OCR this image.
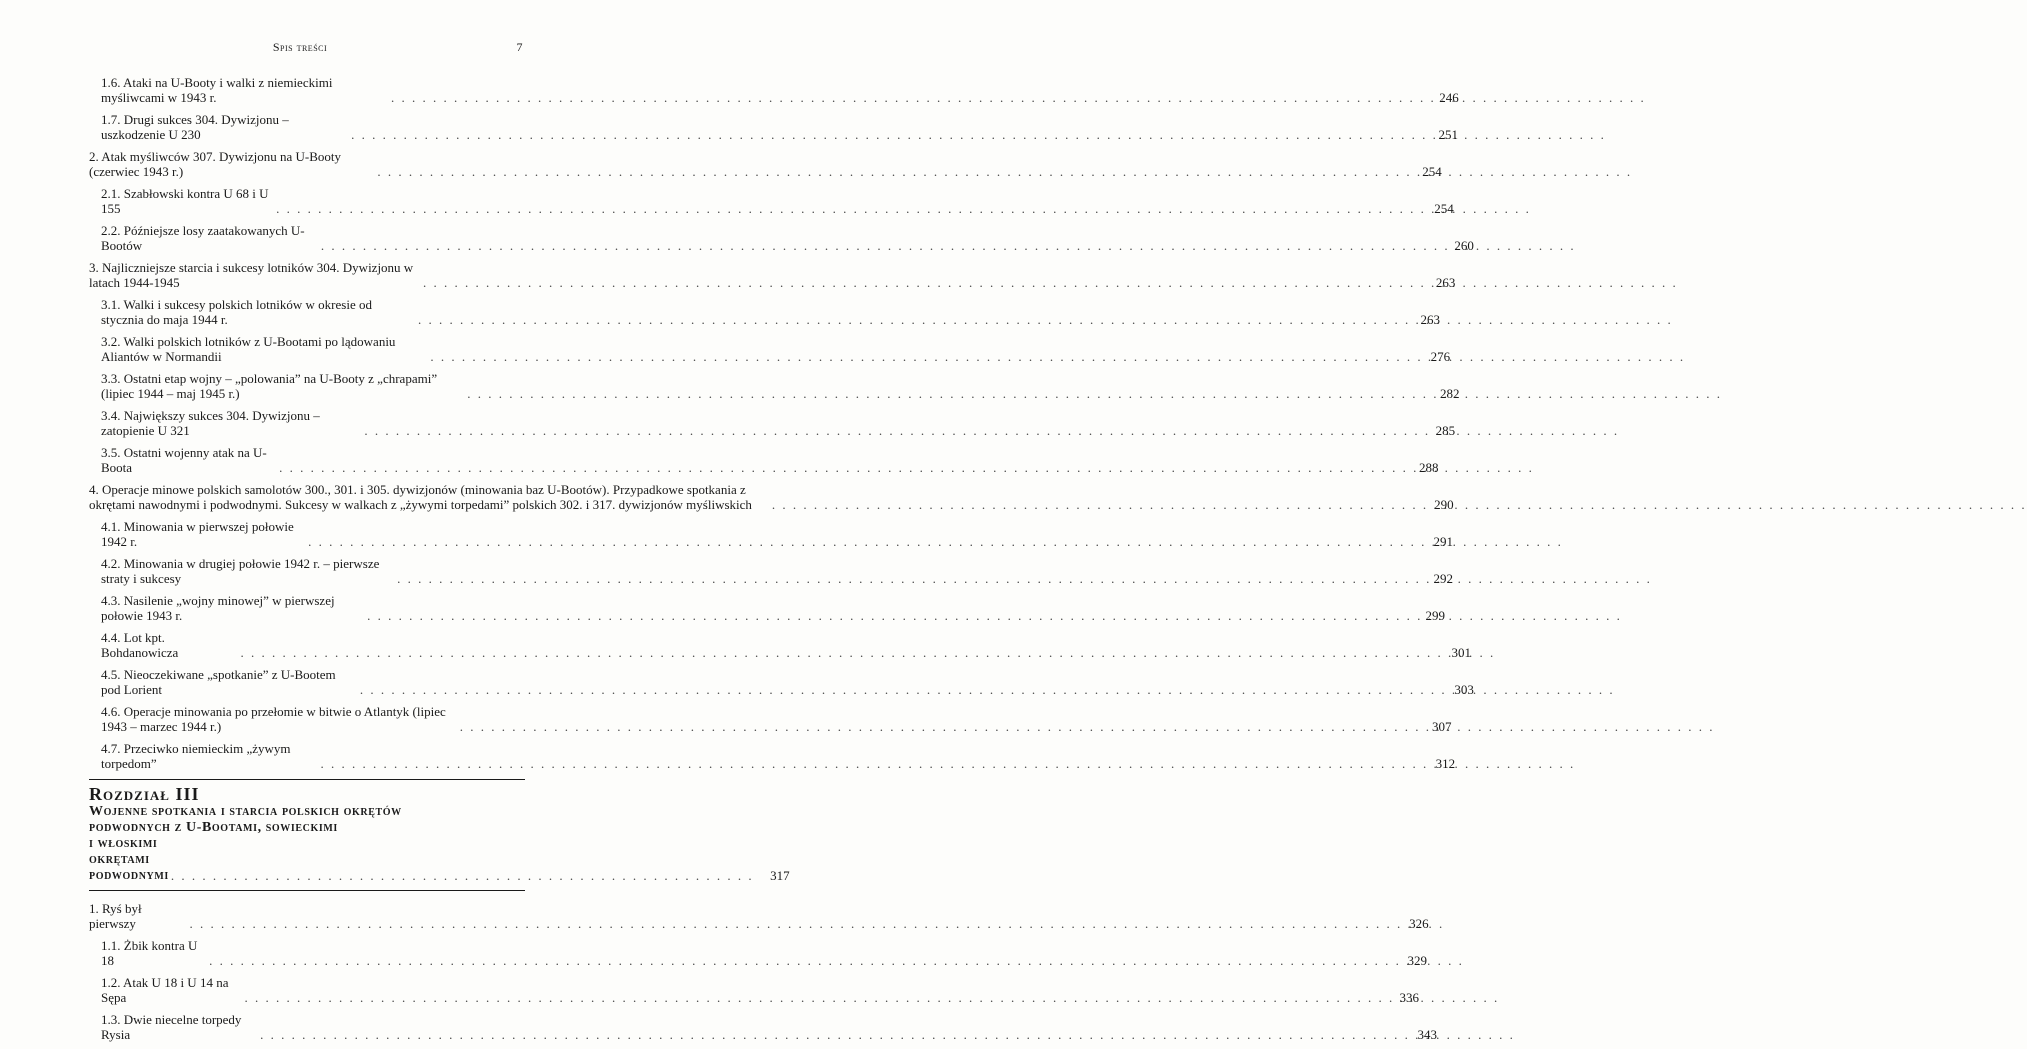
Spis treści	7
1.6. Ataki na U-Booty i walki z niemieckimi myśliwcami w 1943 r. . . .	246
1.7. Drugi sukces 304. Dywizjonu – uszkodzenie U 230 . . .	251
2. Atak myśliwców 307. Dywizjonu na U-Booty (czerwiec 1943 r.) . . .	254
2.1. Szabłowski kontra U 68 i U 155 . . .	254
2.2. Późniejsze losy zaatakowanych U-Bootów . . .	260
3. Najliczniejsze starcia i sukcesy lotników 304. Dywizjonu w latach 1944-1945 . . .	263
3.1. Walki i sukcesy polskich lotników w okresie od stycznia do maja 1944 r. . . .	263
3.2. Walki polskich lotników z U-Bootami po lądowaniu Aliantów w Normandii . . .	276
3.3. Ostatni etap wojny – „polowania” na U-Booty z „chrapami” (lipiec 1944 – maj 1945 r.) . . .	282
3.4. Największy sukces 304. Dywizjonu – zatopienie U 321 . . .	285
3.5. Ostatni wojenny atak na U-Boota . . .	288
4. Operacje minowe polskich samolotów 300., 301. i 305. dywizjonów (minowania baz U-Bootów). Przypadkowe spotkania z okrętami nawodnymi i podwodnymi. Sukcesy w walkach z „żywymi torpedami” polskich 302. i 317. dywizjonów myśliwskich . . .	290
4.1. Minowania w pierwszej połowie 1942 r. . . .	291
4.2. Minowania w drugiej połowie 1942 r. – pierwsze straty i sukcesy . . .	292
4.3. Nasilenie „wojny minowej” w pierwszej połowie 1943 r. . . .	299
4.4. Lot kpt. Bohdanowicza . . .	301
4.5. Nieoczekiwane „spotkanie” z U-Bootem pod Lorient . . .	303
4.6. Operacje minowania po przełomie w bitwie o Atlantyk (lipiec 1943 – marzec 1944 r.) . . .	307
4.7. Przeciwko niemieckim „żywym torpedom” . . .	312
Rozdział III
Wojenne spotkania i starcia polskich okrętów
podwodnych z U-Bootami, sowieckimi
i włoskimi okrętami podwodnymi . . .	317
1. Ryś był pierwszy . . .	326
1.1. Żbik kontra U 18 . . .	329
1.2. Atak U 18 i U 14 na Sępa . . .	336
1.3. Dwie niecelne torpedy Rysia . . .	343
